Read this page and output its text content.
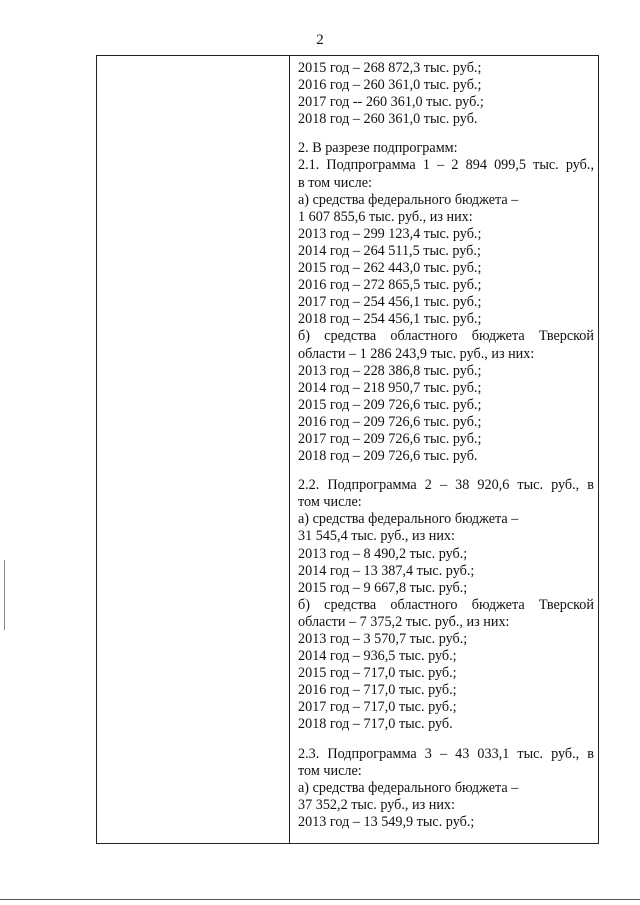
2
2015 год – 268 872,3 тыс. руб.;
2016 год – 260 361,0 тыс. руб.;
2017 год -- 260 361,0 тыс. руб.;
2018 год – 260 361,0 тыс. руб.
2. В разрезе подпрограмм:
2.1. Подпрограмма 1 – 2 894 099,5 тыс. руб.,
в том числе:
а) средства федерального бюджета –
1 607 855,6 тыс. руб., из них:
2013 год – 299 123,4 тыс. руб.;
2014 год – 264 511,5 тыс. руб.;
2015 год – 262 443,0 тыс. руб.;
2016 год – 272 865,5 тыс. руб.;
2017 год – 254 456,1 тыс. руб.;
2018 год – 254 456,1 тыс. руб.;
б) средства областного бюджета Тверской
области – 1 286 243,9 тыс. руб., из них:
2013 год – 228 386,8 тыс. руб.;
2014 год – 218 950,7 тыс. руб.;
2015 год – 209 726,6 тыс. руб.;
2016 год – 209 726,6 тыс. руб.;
2017 год – 209 726,6 тыс. руб.;
2018 год – 209 726,6 тыс. руб.
2.2. Подпрограмма 2 – 38 920,6 тыс. руб., в
том числе:
а) средства федерального бюджета –
31 545,4 тыс. руб., из них:
2013 год – 8 490,2 тыс. руб.;
2014 год – 13 387,4 тыс. руб.;
2015 год – 9 667,8 тыс. руб.;
б) средства областного бюджета Тверской
области – 7 375,2 тыс. руб., из них:
2013 год – 3 570,7 тыс. руб.;
2014 год – 936,5 тыс. руб.;
2015 год – 717,0 тыс. руб.;
2016 год – 717,0 тыс. руб.;
2017 год – 717,0 тыс. руб.;
2018 год – 717,0 тыс. руб.
2.3. Подпрограмма 3 – 43 033,1 тыс. руб., в
том числе:
а) средства федерального бюджета –
37 352,2 тыс. руб., из них:
2013 год – 13 549,9 тыс. руб.;
